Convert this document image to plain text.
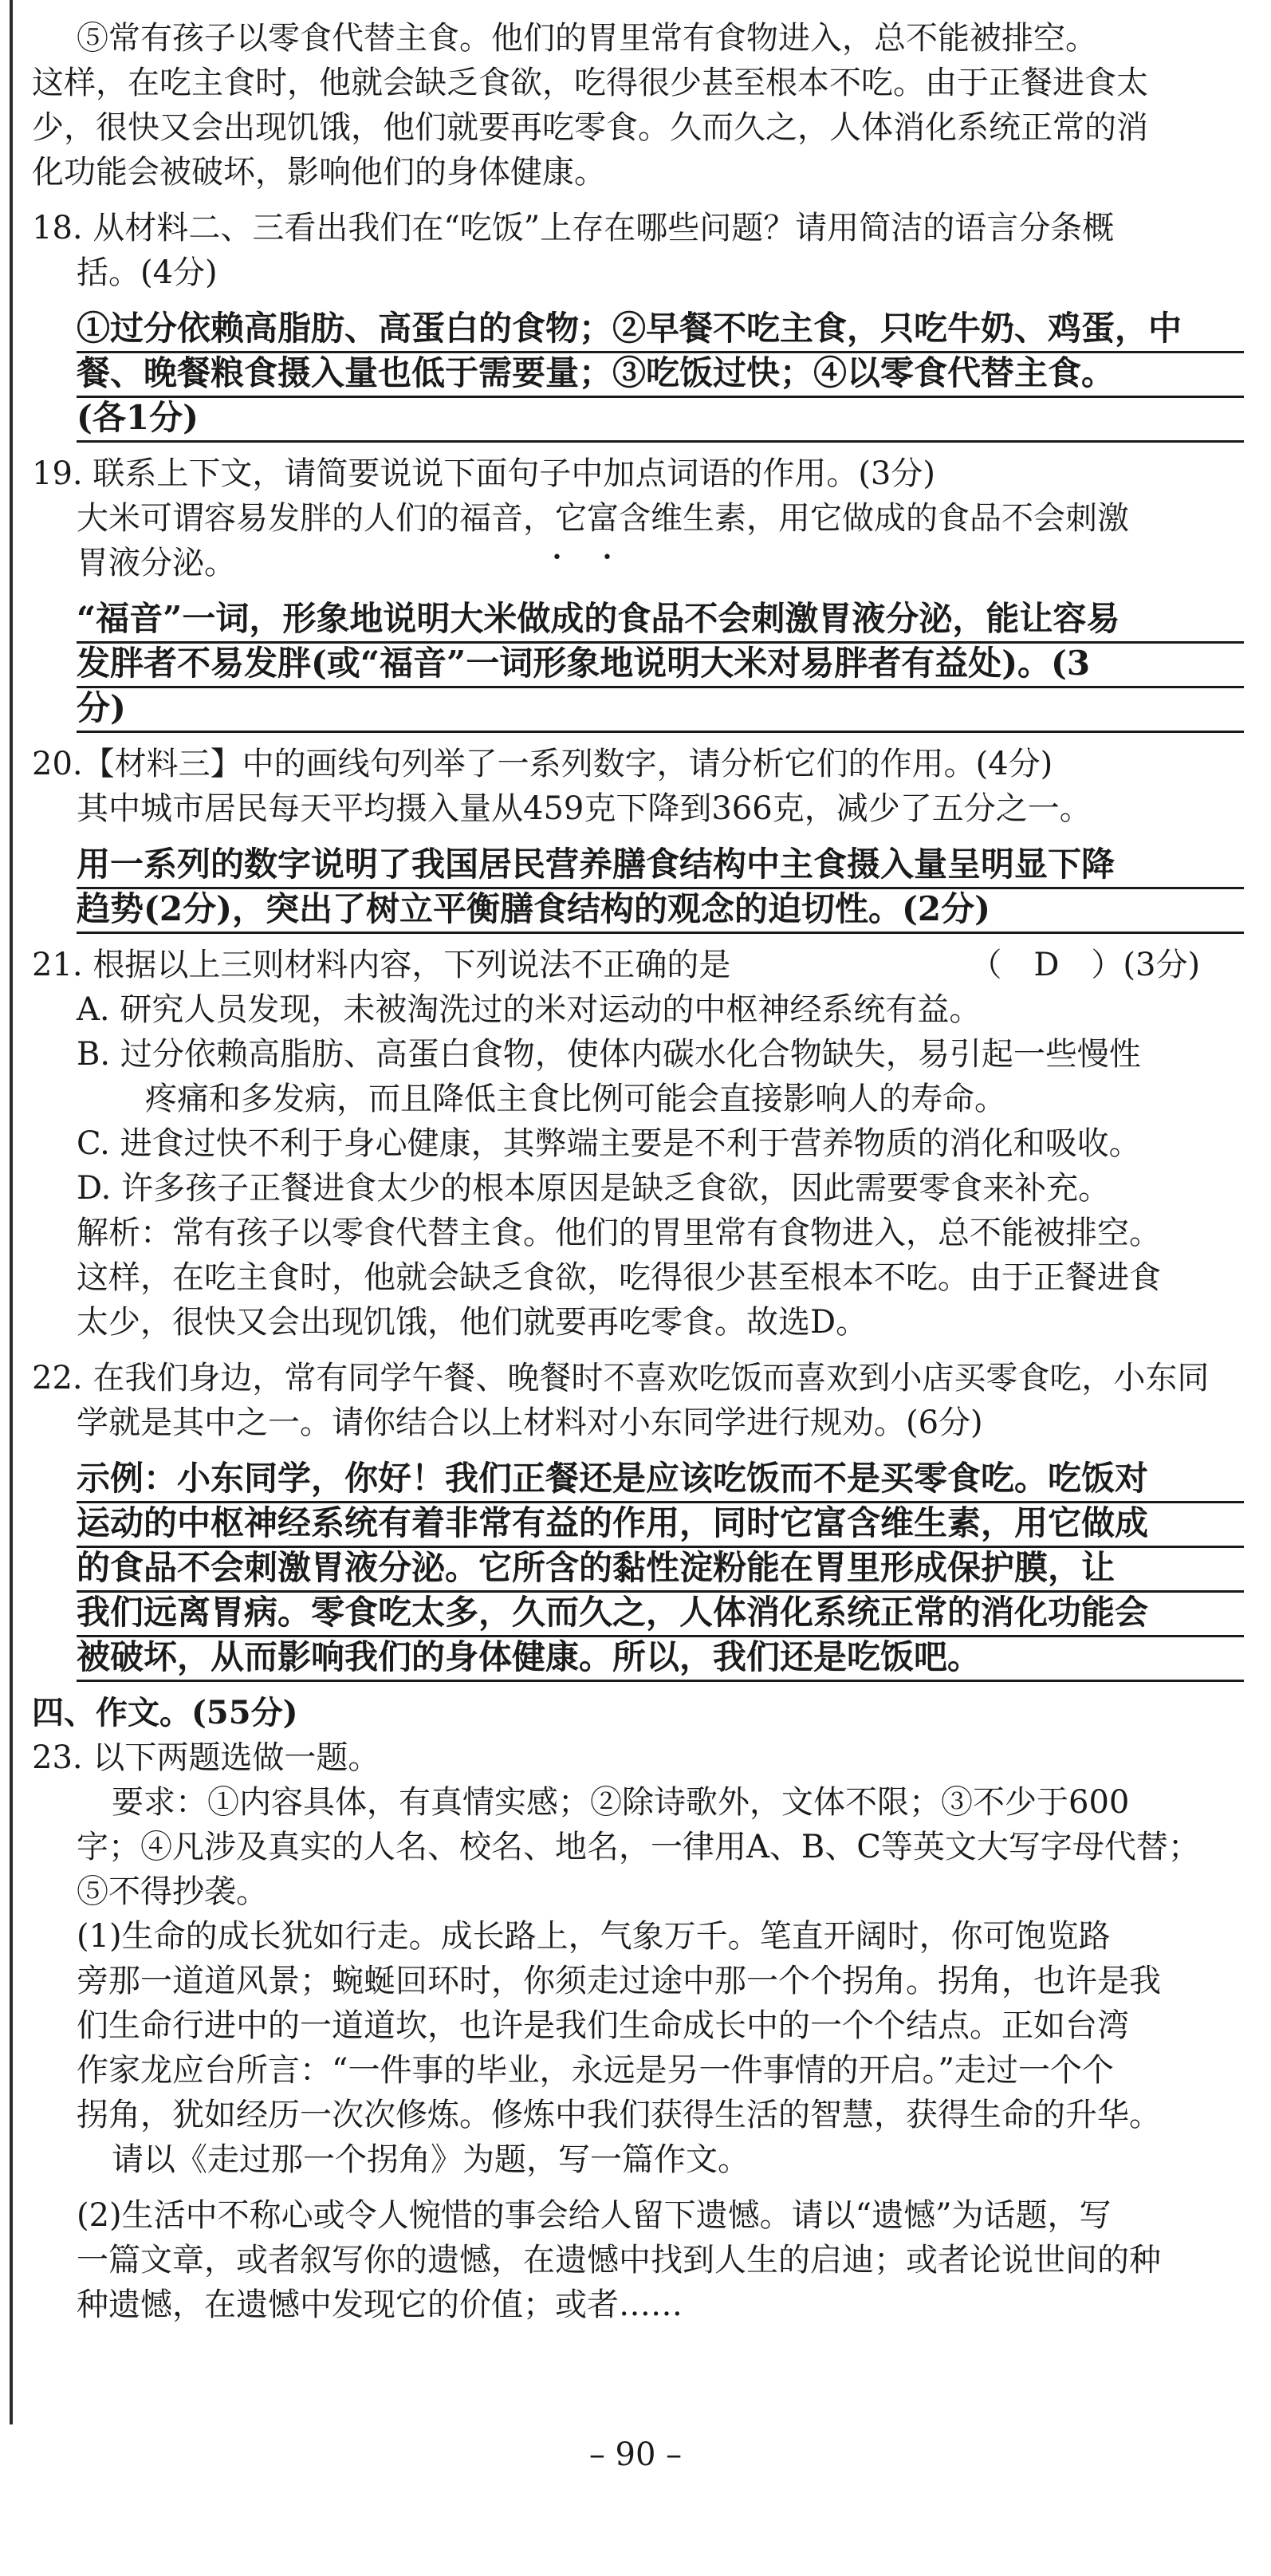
⑤常有孩子以零食代替主食。他们的胃里常有食物进入，总不能被排空。
这样，在吃主食时，他就会缺乏食欲，吃得很少甚至根本不吃。由于正餐进食太
少，很快又会出现饥饿，他们就要再吃零食。久而久之，人体消化系统正常的消
化功能会被破坏，影响他们的身体健康。
18. 从材料二、三看出我们在“吃饭”上存在哪些问题？请用简洁的语言分条概
括。(4分)
①过分依赖高脂肪、高蛋白的食物；②早餐不吃主食，只吃牛奶、鸡蛋，中
餐、晚餐粮食摄入量也低于需要量；③吃饭过快；④以零食代替主食。
(各1分)
19. 联系上下文，请简要说说下面句子中加点词语的作用。(3分)
大米可谓容易发胖的人们的福音，它富含维生素，用它做成的食品不会刺激
•　•
胃液分泌。
“福音”一词，形象地说明大米做成的食品不会刺激胃液分泌，能让容易
发胖者不易发胖(或“福音”一词形象地说明大米对易胖者有益处)。(3
分)
20.【材料三】中的画线句列举了一系列数字，请分析它们的作用。(4分)
其中城市居民每天平均摄入量从459克下降到366克，减少了五分之一。
用一系列的数字说明了我国居民营养膳食结构中主食摄入量呈明显下降
趋势(2分)，突出了树立平衡膳食结构的观念的迫切性。(2分)
21. 根据以上三则材料内容，下列说法不正确的是　　　　　　　　（　D　）(3分)
A. 研究人员发现，未被淘洗过的米对运动的中枢神经系统有益。
B. 过分依赖高脂肪、高蛋白食物，使体内碳水化合物缺失，易引起一些慢性
疼痛和多发病，而且降低主食比例可能会直接影响人的寿命。
C. 进食过快不利于身心健康，其弊端主要是不利于营养物质的消化和吸收。
D. 许多孩子正餐进食太少的根本原因是缺乏食欲，因此需要零食来补充。
解析：常有孩子以零食代替主食。他们的胃里常有食物进入，总不能被排空。
这样，在吃主食时，他就会缺乏食欲，吃得很少甚至根本不吃。由于正餐进食
太少，很快又会出现饥饿，他们就要再吃零食。故选D。
22. 在我们身边，常有同学午餐、晚餐时不喜欢吃饭而喜欢到小店买零食吃，小东同
学就是其中之一。请你结合以上材料对小东同学进行规劝。(6分)
示例：小东同学，你好！我们正餐还是应该吃饭而不是买零食吃。吃饭对
运动的中枢神经系统有着非常有益的作用，同时它富含维生素，用它做成
的食品不会刺激胃液分泌。它所含的黏性淀粉能在胃里形成保护膜，让
我们远离胃病。零食吃太多，久而久之，人体消化系统正常的消化功能会
被破坏，从而影响我们的身体健康。所以，我们还是吃饭吧。
四、作文。(55分)
23. 以下两题选做一题。
要求：①内容具体，有真情实感；②除诗歌外，文体不限；③不少于600
字；④凡涉及真实的人名、校名、地名，一律用A、B、C等英文大写字母代替；
⑤不得抄袭。
(1)生命的成长犹如行走。成长路上，气象万千。笔直开阔时，你可饱览路
旁那一道道风景；蜿蜒回环时，你须走过途中那一个个拐角。拐角，也许是我
们生命行进中的一道道坎，也许是我们生命成长中的一个个结点。正如台湾
作家龙应台所言：“一件事的毕业，永远是另一件事情的开启。”走过一个个
拐角，犹如经历一次次修炼。修炼中我们获得生活的智慧，获得生命的升华。
请以《走过那一个拐角》为题，写一篇作文。
(2)生活中不称心或令人惋惜的事会给人留下遗憾。请以“遗憾”为话题，写
一篇文章，或者叙写你的遗憾，在遗憾中找到人生的启迪；或者论说世间的种
种遗憾，在遗憾中发现它的价值；或者……
– 90 –
